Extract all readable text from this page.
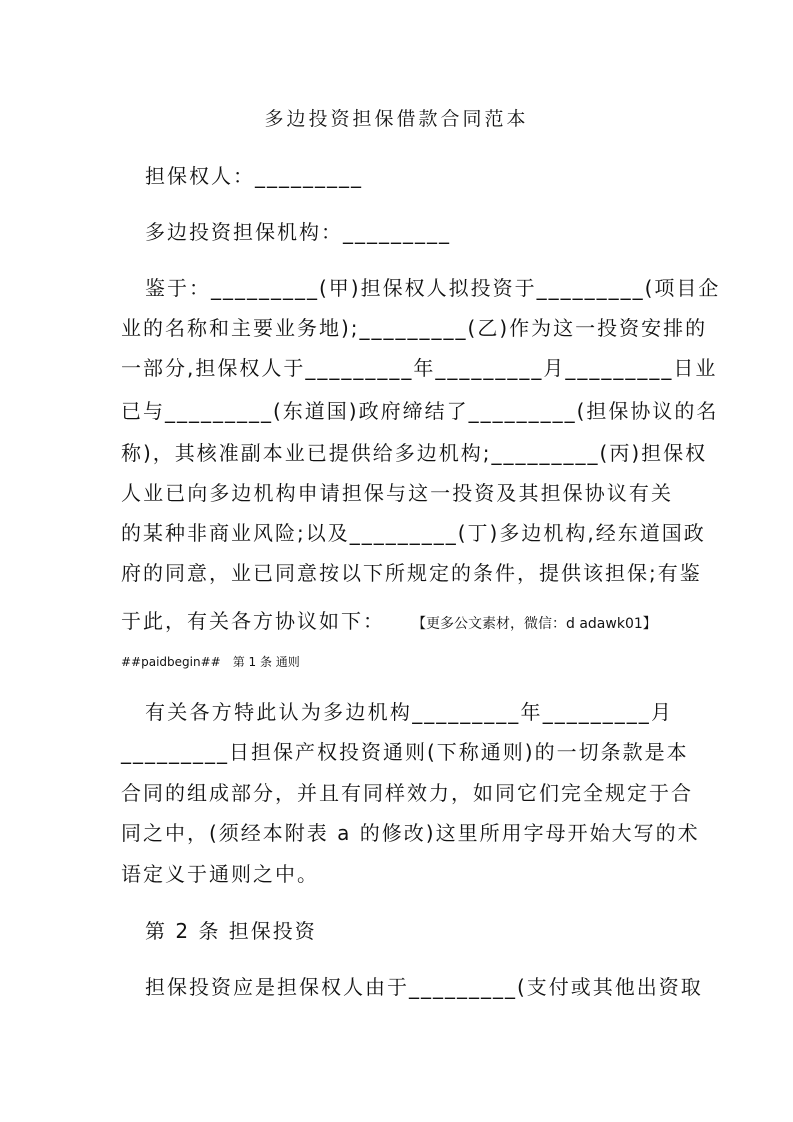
多边投资担保借款合同范本
担保权人：_________
多边投资担保机构：_________
鉴于：_________(甲)担保权人拟投资于_________(项目企
业的名称和主要业务地);_________(乙)作为这一投资安排的
一部分,担保权人于_________年_________月_________日业
已与_________(东道国)政府缔结了_________(担保协议的名
称)，其核准副本业已提供给多边机构;_________(丙)担保权
人业已向多边机构申请担保与这一投资及其担保协议有关
的某种非商业风险;以及_________(丁)多边机构,经东道国政
府的同意，业已同意按以下所规定的条件，提供该担保;有鉴
于此，有关各方协议如下： 【更多公文素材，微信：d adawk01】
##paidbegin## 第 1 条 通则
有关各方特此认为多边机构_________年_________月
_________日担保产权投资通则(下称通则)的一切条款是本
合同的组成部分，并且有同样效力，如同它们完全规定于合
同之中，(须经本附表 a 的修改)这里所用字母开始大写的术
语定义于通则之中。
第 2 条 担保投资
担保投资应是担保权人由于_________(支付或其他出资取
